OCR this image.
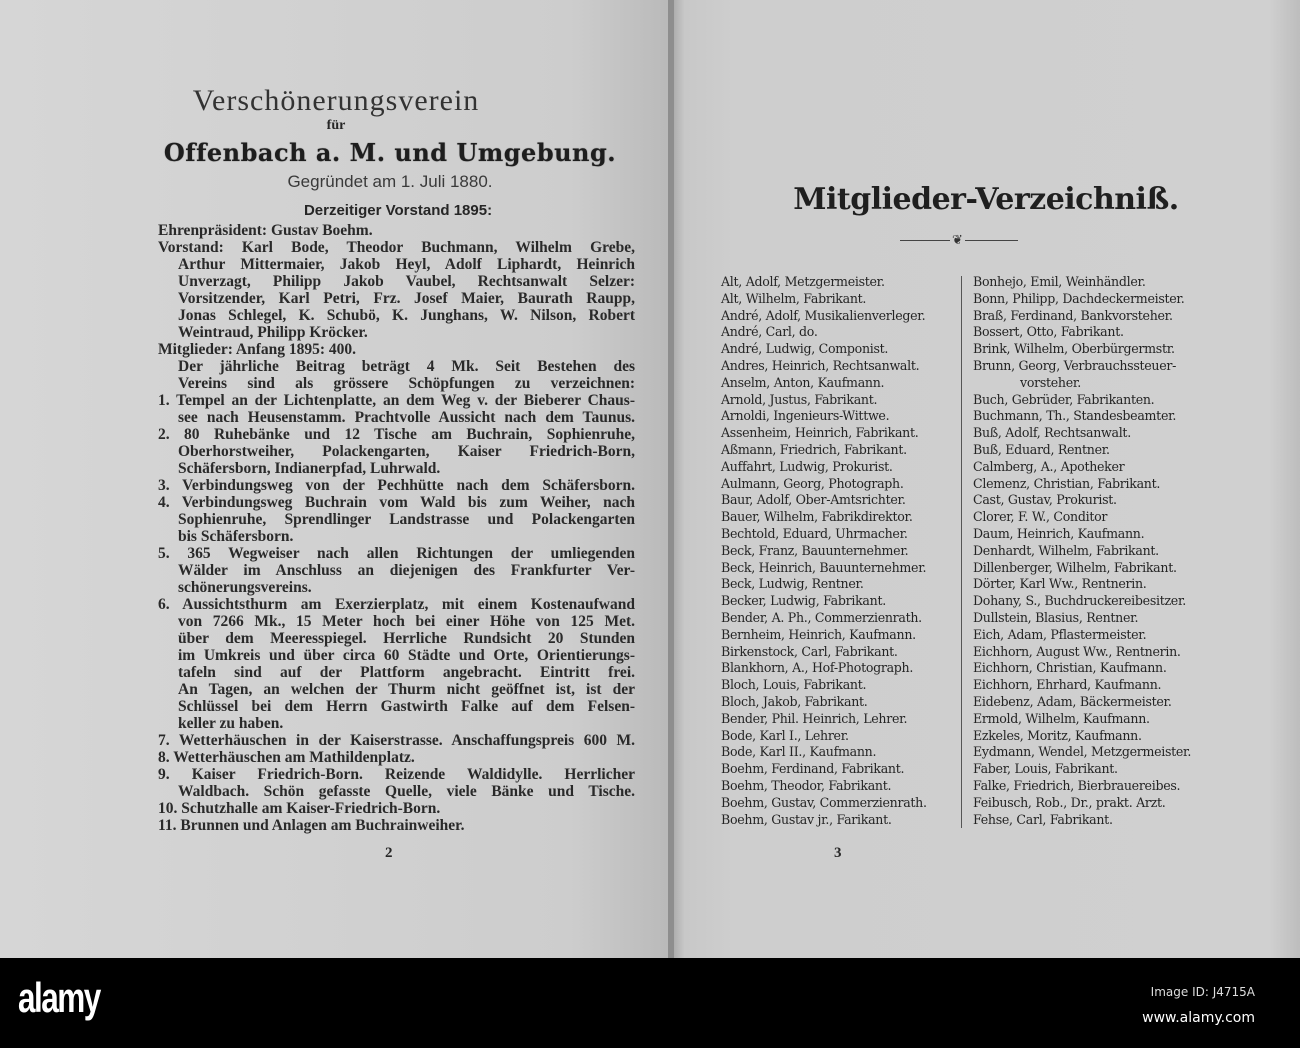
Verschönerungsverein
für
Offenbach a. M. und Umgebung.
Gegründet am 1. Juli 1880.
Derzeitiger Vorstand 1895:
Ehrenpräsident: Gustav Boehm.
Vorstand: Karl Bode, Theodor Buchmann, Wilhelm Grebe,
Arthur Mittermaier, Jakob Heyl, Adolf Liphardt, Heinrich
Unverzagt, Philipp Jakob Vaubel, Rechtsanwalt Selzer:
Vorsitzender, Karl Petri, Frz. Josef Maier, Baurath Raupp,
Jonas Schlegel, K. Schubö, K. Junghans, W. Nilson, Robert
Weintraud, Philipp Kröcker.
Mitglieder: Anfang 1895: 400.
Der jährliche Beitrag beträgt 4 Mk. Seit Bestehen des
Vereins sind als grössere Schöpfungen zu verzeichnen:
1. Tempel an der Lichtenplatte, an dem Weg v. der Bieberer Chaus-
see nach Heusenstamm. Prachtvolle Aussicht nach dem Taunus.
2. 80 Ruhebänke und 12 Tische am Buchrain, Sophienruhe,
Oberhorstweiher, Polackengarten, Kaiser Friedrich-Born,
Schäfersborn, Indianerpfad, Luhrwald.
3. Verbindungsweg von der Pechhütte nach dem Schäfersborn.
4. Verbindungsweg Buchrain vom Wald bis zum Weiher, nach
Sophienruhe, Sprendlinger Landstrasse und Polackengarten
bis Schäfersborn.
5. 365 Wegweiser nach allen Richtungen der umliegenden
Wälder im Anschluss an diejenigen des Frankfurter Ver-
schönerungsvereins.
6. Aussichtsthurm am Exerzierplatz, mit einem Kostenaufwand
von 7266 Mk., 15 Meter hoch bei einer Höhe von 125 Met.
über dem Meeresspiegel. Herrliche Rundsicht 20 Stunden
im Umkreis und über circa 60 Städte und Orte, Orientierungs-
tafeln sind auf der Plattform angebracht. Eintritt frei.
An Tagen, an welchen der Thurm nicht geöffnet ist, ist der
Schlüssel bei dem Herrn Gastwirth Falke auf dem Felsen-
keller zu haben.
7. Wetterhäuschen in der Kaiserstrasse. Anschaffungspreis 600 M.
8. Wetterhäuschen am Mathildenplatz.
9. Kaiser Friedrich-Born. Reizende Waldidylle. Herrlicher
Waldbach. Schön gefasste Quelle, viele Bänke und Tische.
10. Schutzhalle am Kaiser-Friedrich-Born.
11. Brunnen und Anlagen am Buchrainweiher.
2
Mitglieder-Verzeichniß.
❦
Alt, Adolf, Metzgermeister.
Alt, Wilhelm, Fabrikant.
André, Adolf, Musikalienverleger.
André, Carl, do.
André, Ludwig, Componist.
Andres, Heinrich, Rechtsanwalt.
Anselm, Anton, Kaufmann.
Arnold, Justus, Fabrikant.
Arnoldi, Ingenieurs-Wittwe.
Assenheim, Heinrich, Fabrikant.
Aßmann, Friedrich, Fabrikant.
Auffahrt, Ludwig, Prokurist.
Aulmann, Georg, Photograph.
Baur, Adolf, Ober-Amtsrichter.
Bauer, Wilhelm, Fabrikdirektor.
Bechtold, Eduard, Uhrmacher.
Beck, Franz, Bauunternehmer.
Beck, Heinrich, Bauunternehmer.
Beck, Ludwig, Rentner.
Becker, Ludwig, Fabrikant.
Bender, A. Ph., Commerzienrath.
Bernheim, Heinrich, Kaufmann.
Birkenstock, Carl, Fabrikant.
Blankhorn, A., Hof-Photograph.
Bloch, Louis, Fabrikant.
Bloch, Jakob, Fabrikant.
Bender, Phil. Heinrich, Lehrer.
Bode, Karl I., Lehrer.
Bode, Karl II., Kaufmann.
Boehm, Ferdinand, Fabrikant.
Boehm, Theodor, Fabrikant.
Boehm, Gustav, Commerzienrath.
Boehm, Gustav jr., Farikant.
Bonhejo, Emil, Weinhändler.
Bonn, Philipp, Dachdeckermeister.
Braß, Ferdinand, Bankvorsteher.
Bossert, Otto, Fabrikant.
Brink, Wilhelm, Oberbürgermstr.
Brunn, Georg, Verbrauchssteuer-
vorsteher.
Buch, Gebrüder, Fabrikanten.
Buchmann, Th., Standesbeamter.
Buß, Adolf, Rechtsanwalt.
Buß, Eduard, Rentner.
Calmberg, A., Apotheker
Clemenz, Christian, Fabrikant.
Cast, Gustav, Prokurist.
Clorer, F. W., Conditor
Daum, Heinrich, Kaufmann.
Denhardt, Wilhelm, Fabrikant.
Dillenberger, Wilhelm, Fabrikant.
Dörter, Karl Ww., Rentnerin.
Dohany, S., Buchdruckereibesitzer.
Dullstein, Blasius, Rentner.
Eich, Adam, Pflastermeister.
Eichhorn, August Ww., Rentnerin.
Eichhorn, Christian, Kaufmann.
Eichhorn, Ehrhard, Kaufmann.
Eidebenz, Adam, Bäckermeister.
Ermold, Wilhelm, Kaufmann.
Ezkeles, Moritz, Kaufmann.
Eydmann, Wendel, Metzgermeister.
Faber, Louis, Fabrikant.
Falke, Friedrich, Bierbrauereibes.
Feibusch, Rob., Dr., prakt. Arzt.
Fehse, Carl, Fabrikant.
3
alamy	Image ID: J4715A
www.alamy.com
